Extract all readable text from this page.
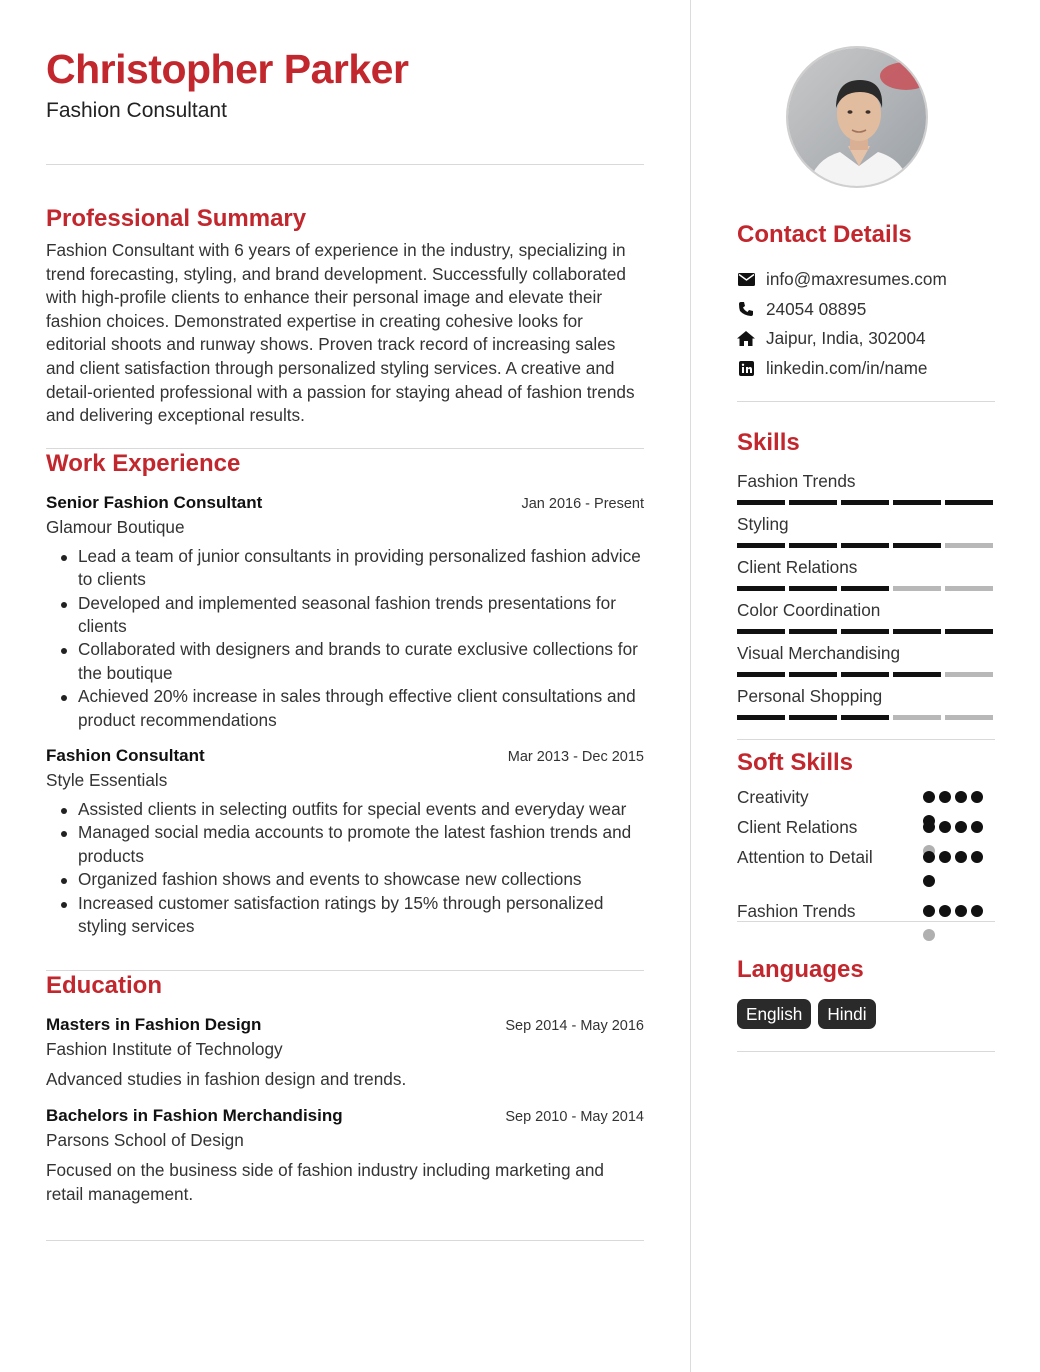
Christopher Parker
Fashion Consultant
Professional Summary
Fashion Consultant with 6 years of experience in the industry, specializing in trend forecasting, styling, and brand development. Successfully collaborated with high-profile clients to enhance their personal image and elevate their fashion choices. Demonstrated expertise in creating cohesive looks for editorial shoots and runway shows. Proven track record of increasing sales and client satisfaction through personalized styling services. A creative and detail-oriented professional with a passion for staying ahead of fashion trends and delivering exceptional results.
Work Experience
Senior Fashion Consultant	Jan 2016 - Present
Glamour Boutique
Lead a team of junior consultants in providing personalized fashion advice to clients
Developed and implemented seasonal fashion trends presentations for clients
Collaborated with designers and brands to curate exclusive collections for the boutique
Achieved 20% increase in sales through effective client consultations and product recommendations
Fashion Consultant	Mar 2013 - Dec 2015
Style Essentials
Assisted clients in selecting outfits for special events and everyday wear
Managed social media accounts to promote the latest fashion trends and products
Organized fashion shows and events to showcase new collections
Increased customer satisfaction ratings by 15% through personalized styling services
Education
Masters in Fashion Design	Sep 2014 - May 2016
Fashion Institute of Technology
Advanced studies in fashion design and trends.
Bachelors in Fashion Merchandising	Sep 2010 - May 2014
Parsons School of Design
Focused on the business side of fashion industry including marketing and retail management.
Contact Details
info@maxresumes.com
24054 08895
Jaipur, India, 302004
linkedin.com/in/name
Skills
Fashion Trends
Styling
Client Relations
Color Coordination
Visual Merchandising
Personal Shopping
Soft Skills
Creativity
Client Relations
Attention to Detail
Fashion Trends
Languages
English	Hindi
